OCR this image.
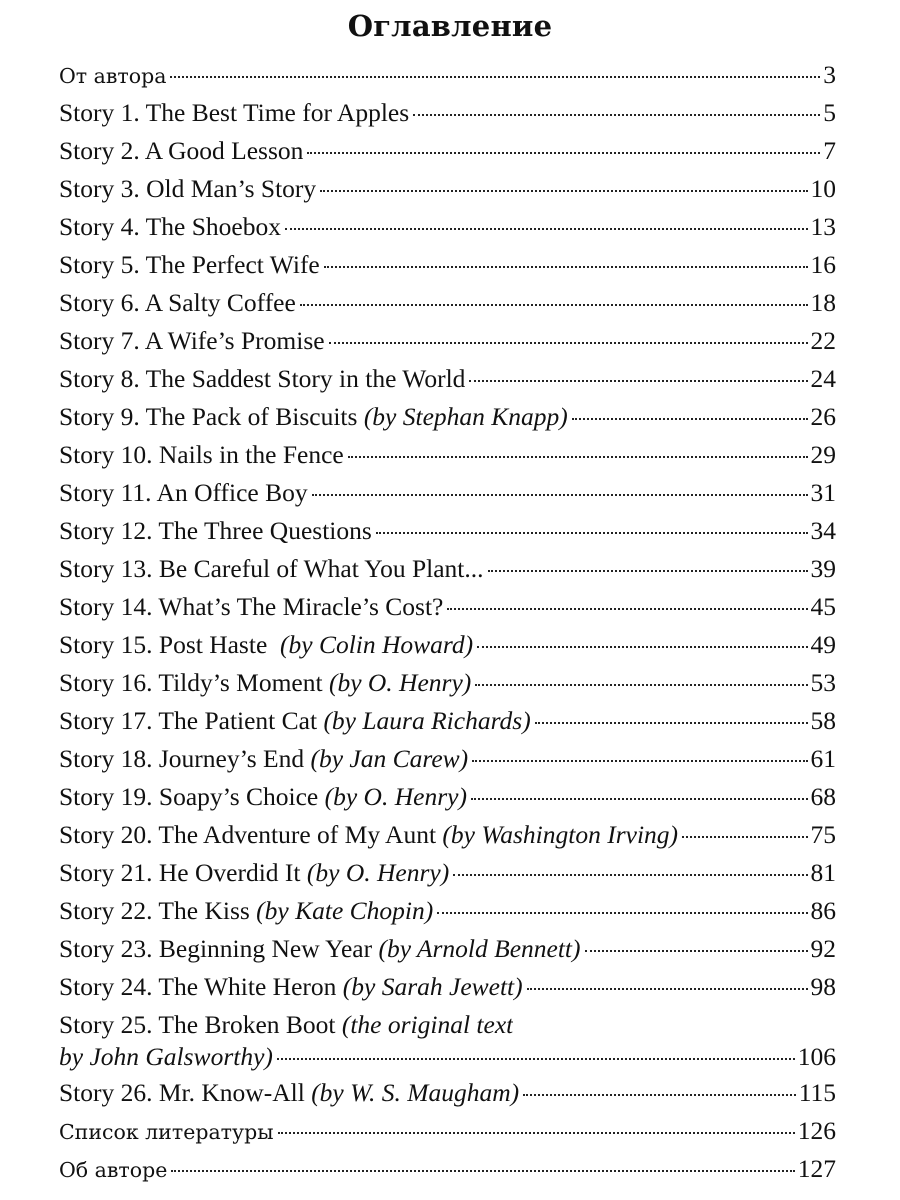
Оглавление
От автора	3
Story 1. The Best Time for Apples	5
Story 2. A Good Lesson	7
Story 3. Old Man’s Story	10
Story 4. The Shoebox	13
Story 5. The Perfect Wife	16
Story 6. A Salty Coffee	18
Story 7. A Wife’s Promise	22
Story 8. The Saddest Story in the World	24
Story 9. The Pack of Biscuits (by Stephan Knapp)	26
Story 10. Nails in the Fence	29
Story 11. An Office Boy	31
Story 12. The Three Questions	34
Story 13. Be Careful of What You Plant...	39
Story 14. What’s The Miracle’s Cost?	45
Story 15. Post Haste  (by Colin Howard)	49
Story 16. Tildy’s Moment (by O. Henry)	53
Story 17. The Patient Cat (by Laura Richards)	58
Story 18. Journey’s End (by Jan Carew)	61
Story 19. Soapy’s Choice (by O. Henry)	68
Story 20. The Adventure of My Aunt (by Washington Irving)	75
Story 21. He Overdid It (by O. Henry)	81
Story 22. The Kiss (by Kate Chopin)	86
Story 23. Beginning New Year (by Arnold Bennett)	92
Story 24. The White Heron (by Sarah Jewett)	98
Story 25. The Broken Boot (the original text
by John Galsworthy)	106
Story 26. Mr. Know-All (by W. S. Maugham)	115
Список литературы	126
Об авторе	127
